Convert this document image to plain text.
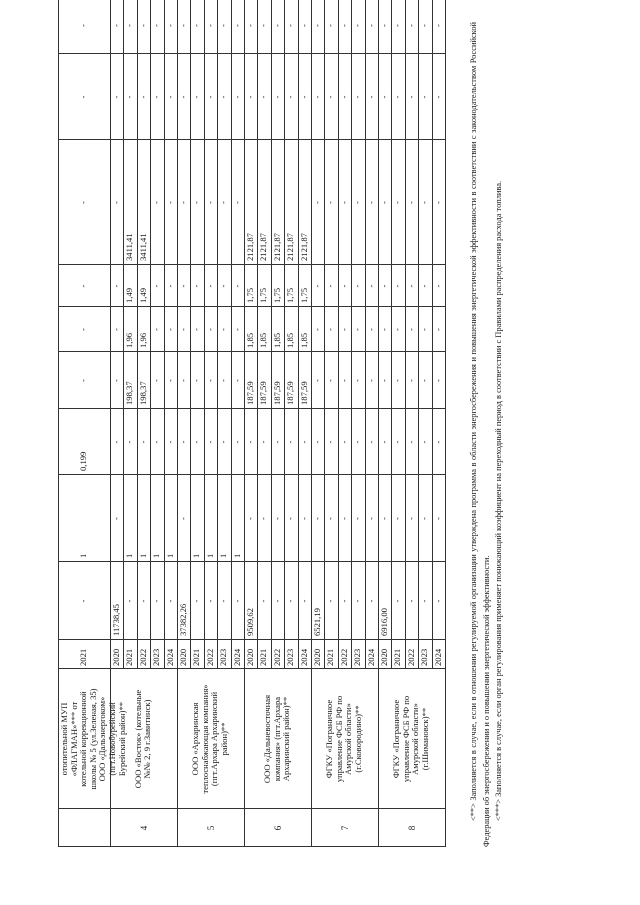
отопительной МУП
«ФЛАГМАН»*** от
котельной коррекционной
школы № 5 (ул.Зеленая, 35)
ООО «Дальэнергоком»
(пгт.Новобурейский
Бурейский район)**
2021
-
1
0,199
-
-
-
-
-
-
4
ООО «Восток» (котельные
№№ 2, 9 г.Завитинск)
2020
11738,45
-
-
-
-
-
-
-
-
2021
-
1
-
198,37
1,96
1,49
3411,41
-
-
2022
-
1
-
198,37
1,96
1,49
3411,41
-
-
2023
-
1
-
-
-
-
-
-
-
2024
-
1
-
-
-
-
-
-
-
5
ООО «Архаринская
теплоснабжающая компания»
(пгт.Архара Архаринский
район)**
2020
37382,26
-
-
-
-
-
-
-
-
2021
-
1
-
-
-
-
-
-
-
2022
-
1
-
-
-
-
-
-
-
2023
-
1
-
-
-
-
-
-
-
2024
-
1
-
-
-
-
-
-
-
6
ООО «Дальневосточная
компания» (пгт.Архара
Архаринский район)**
2020
9509,62
-
-
187,59
1,85
1,75
2121,87
-
-
2021
-
-
-
187,59
1,85
1,75
2121,87
-
-
2022
-
-
-
187,59
1,85
1,75
2121,87
-
-
2023
-
-
-
187,59
1,85
1,75
2121,87
-
-
2024
-
-
-
187,59
1,85
1,75
2121,87
-
-
7
ФГКУ «Пограничное
управление ФСБ РФ по
Амурской области»
(г.Сковородино)**
2020
6521,19
-
-
-
-
-
-
-
-
2021
-
-
-
-
-
-
-
-
-
2022
-
-
-
-
-
-
-
-
-
2023
-
-
-
-
-
-
-
-
-
2024
-
-
-
-
-
-
-
-
-
8
ФГКУ «Пограничное
управление ФСБ РФ по
Амурской области»
(г.Шимановск)**
2020
6916,00
-
-
-
-
-
-
-
-
2021
-
-
-
-
-
-
-
-
-
2022
-
-
-
-
-
-
-
-
-
2023
-
-
-
-
-
-
-
-
-
2024
-
-
-
-
-
-
-
-
-	<**> Заполняется в случае, если в отношении регулируемой организации утверждена программа в области энергосбережения и повышения энергетической эффективности в соответствии с законодательством Российской Федерации об энергосбережении и о повышении энергетической эффективности. <***> Заполняется в случае, если орган регулирования применяет понижающий коэффициент на переходный период в соответствии с Правилами распределения расхода топлива.
